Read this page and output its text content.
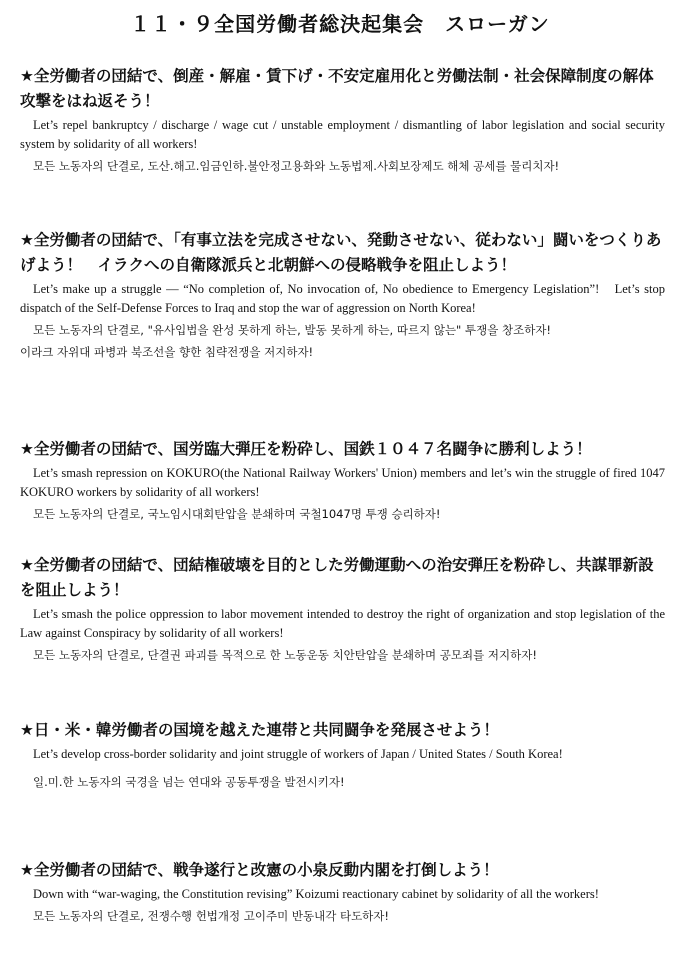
１１・９全国労働者総決起集会　スローガン

★全労働者の団結で、倒産・解雇・賃下げ・不安定雇用化と労働法制・社会保障制度の解体攻撃をはね返そう！

Let’s repel bankruptcy / discharge / wage cut / unstable employment / dismantling of labor legislation and social security system by solidarity of all workers!

모든 노동자의 단결로, 도산.해고.임금인하.불안정고용화와 노동법제.사회보장제도 해체 공세를 물리치자!

★全労働者の団結で、「有事立法を完成させない、発動させない、従わない」闘いをつくりあげよう！　イラクへの自衛隊派兵と北朝鮮への侵略戦争を阻止しよう！

Let’s make up a struggle — “No completion of, No invocation of, No obedience to Emergency Legislation”!　Let’s stop dispatch of the Self-Defense Forces to Iraq and stop the war of aggression on North Korea!

모든 노동자의 단결로, "유사입법을 완성 못하게 하는, 발동 못하게 하는, 따르지 않는" 투쟁을 창조하자!

이라크 자위대 파병과 북조선을 향한 침략전쟁을 저지하자!

★全労働者の団結で、国労臨大弾圧を粉砕し、国鉄１０４７名闘争に勝利しよう！

Let’s smash repression on KOKURO(the National Railway Workers' Union) members and let’s win the struggle of fired 1047 KOKURO workers by solidarity of all workers!

모든 노동자의 단결로, 국노임시대회탄압을 분쇄하며 국철1047명 투쟁 승리하자!

★全労働者の団結で、団結権破壊を目的とした労働運動への治安弾圧を粉砕し、共謀罪新設を阻止しよう！

Let’s smash the police oppression to labor movement intended to destroy the right of organization and stop legislation of the Law against Conspiracy by solidarity of all workers!

모든 노동자의 단결로, 단결권 파괴를 목적으로 한 노동운동 치안탄압을 분쇄하며 공모죄를 저지하자!

★日・米・韓労働者の国境を越えた連帯と共同闘争を発展させよう！

Let’s develop cross-border solidarity and joint struggle of workers of Japan / United States / South Korea!

일.미.한 노동자의 국경을 넘는 연대와 공동투쟁을 발전시키자!

★全労働者の団結で、戦争遂行と改憲の小泉反動内閣を打倒しよう！

Down with “war-waging, the Constitution revising” Koizumi reactionary cabinet by solidarity of all the workers!

모든 노동자의 단결로, 전쟁수행 헌법개정 고이주미 반동내각 타도하자!
